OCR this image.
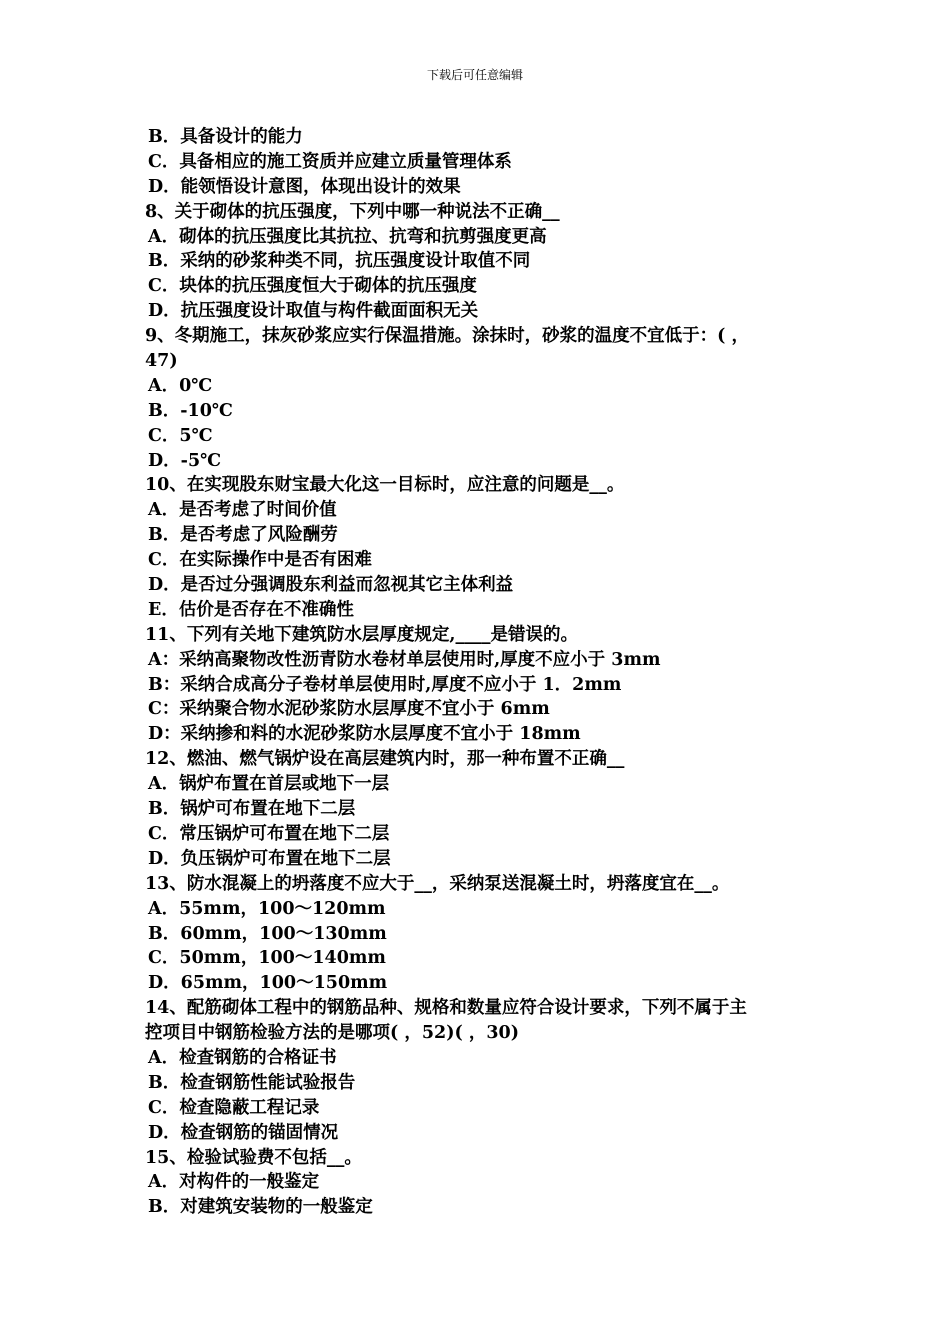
下载后可任意编辑
B．具备设计的能力
C．具备相应的施工资质并应建立质量管理体系
D．能领悟设计意图，体现出设计的效果
8、关于砌体的抗压强度，下列中哪一种说法不正确__
A．砌体的抗压强度比其抗拉、抗弯和抗剪强度更高
B．采纳的砂浆种类不同，抗压强度设计取值不同
C．块体的抗压强度恒大于砌体的抗压强度
D．抗压强度设计取值与构件截面面积无关
9、冬期施工，抹灰砂浆应实行保温措施。涂抹时，砂浆的温度不宜低于：( ，
47)
A．0℃
B．-10℃
C．5℃
D．-5℃
10、在实现股东财宝最大化这一目标时，应注意的问题是__。
A．是否考虑了时间价值
B．是否考虑了风险酬劳
C．在实际操作中是否有困难
D．是否过分强调股东利益而忽视其它主体利益
E．估价是否存在不准确性
11、下列有关地下建筑防水层厚度规定,____是错误的。
A：采纳高聚物改性沥青防水卷材单层使用时,厚度不应小于 3mm
B：采纳合成高分子卷材单层使用时,厚度不应小于 1．2mm
C：采纳聚合物水泥砂浆防水层厚度不宜小于 6mm
D：采纳掺和料的水泥砂浆防水层厚度不宜小于 18mm
12、燃油、燃气锅炉设在高层建筑内时，那一种布置不正确__
A．锅炉布置在首层或地下一层
B．锅炉可布置在地下二层
C．常压锅炉可布置在地下二层
D．负压锅炉可布置在地下二层
13、防水混凝上的坍落度不应大于__，采纳泵送混凝土时，坍落度宜在__。
A．55mm，100～120mm
B．60mm，100～130mm
C．50mm，100～140mm
D．65mm，100～150mm
14、配筋砌体工程中的钢筋品种、规格和数量应符合设计要求，下列不属于主
控项目中钢筋检验方法的是哪项( ，52)( ，30)
A．检查钢筋的合格证书
B．检查钢筋性能试验报告
C．检查隐蔽工程记录
D．检查钢筋的锚固情况
15、检验试验费不包括__。
A．对构件的一般鉴定
B．对建筑安装物的一般鉴定
